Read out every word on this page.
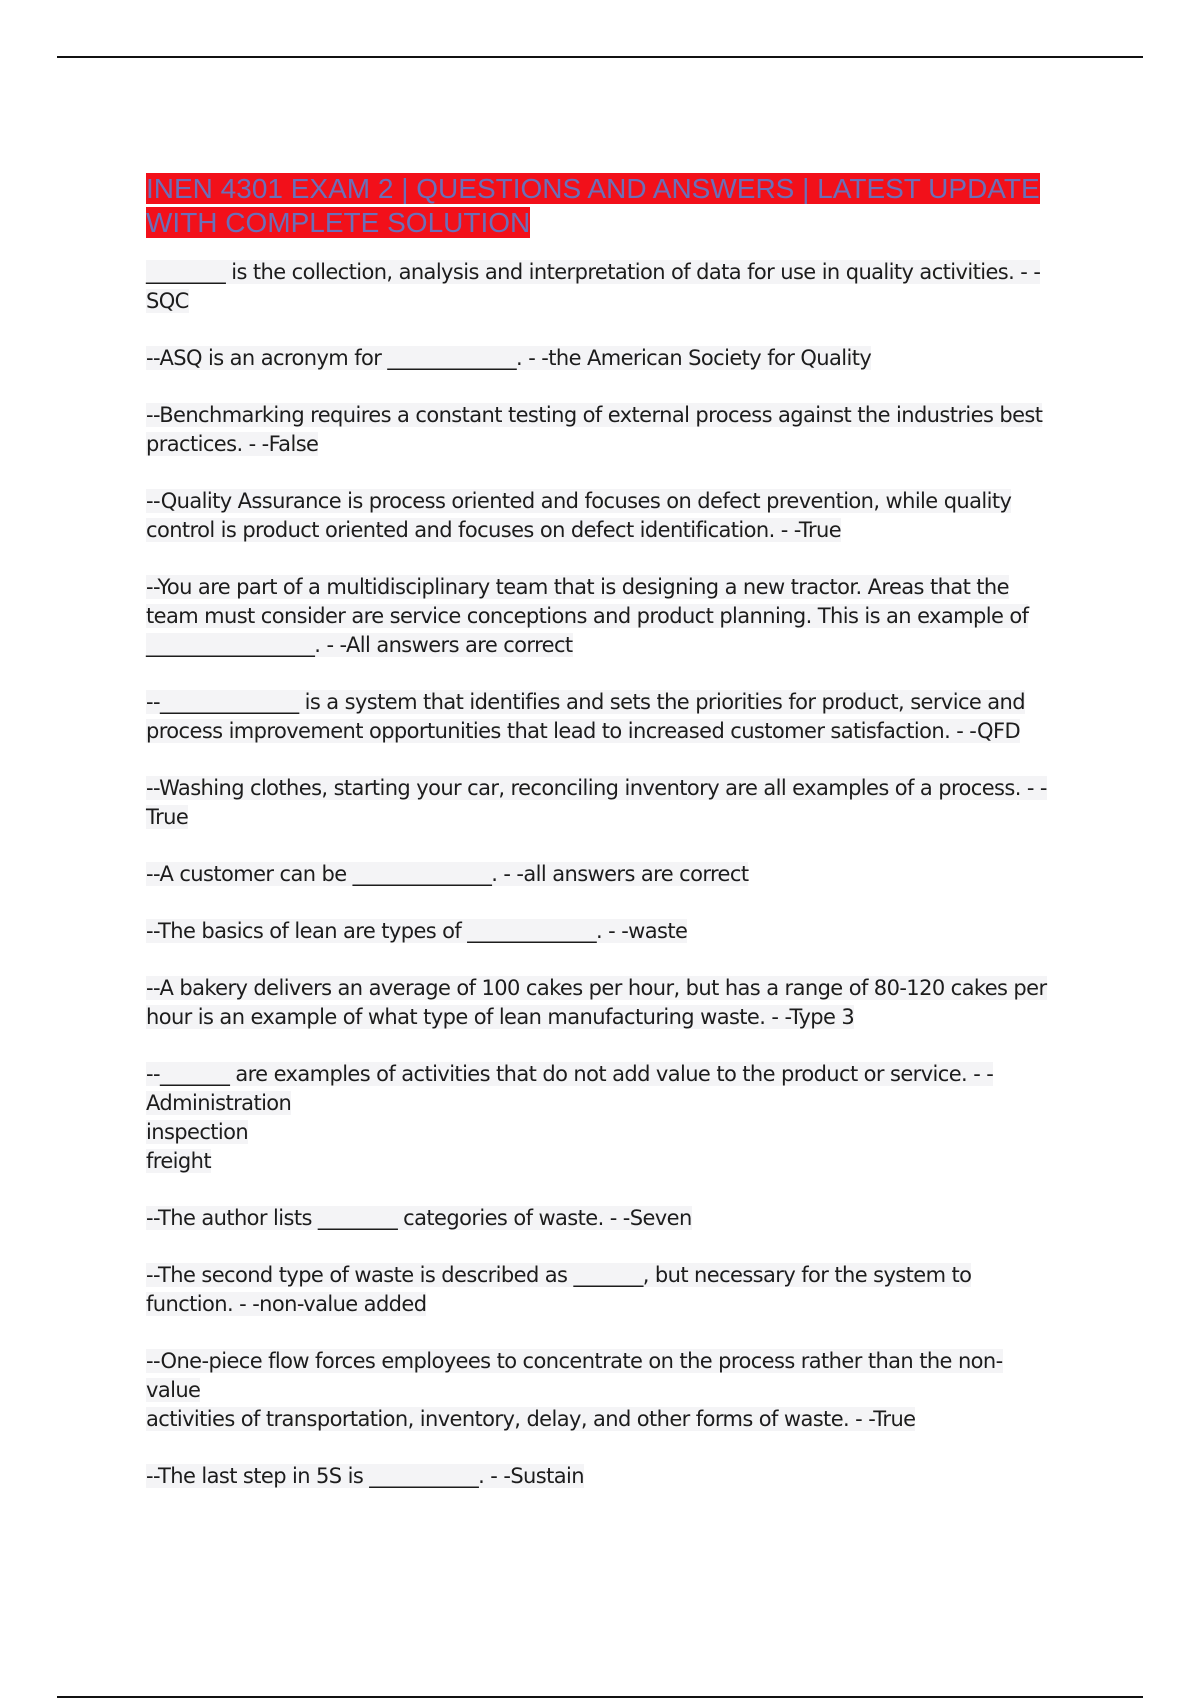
INEN 4301 EXAM 2 | QUESTIONS AND ANSWERS | LATEST UPDATE WITH COMPLETE SOLUTION

________ is the collection, analysis and interpretation of data for use in quality activities. - -
SQC

--ASQ is an acronym for _____________. - -the American Society for Quality

--Benchmarking requires a constant testing of external process against the industries best
practices. - -False

--Quality Assurance is process oriented and focuses on defect prevention, while quality
control is product oriented and focuses on defect identification. - -True

--You are part of a multidisciplinary team that is designing a new tractor. Areas that the
team must consider are service conceptions and product planning. This is an example of
_________________. - -All answers are correct

--______________ is a system that identifies and sets the priorities for product, service and
process improvement opportunities that lead to increased customer satisfaction. - -QFD

--Washing clothes, starting your car, reconciling inventory are all examples of a process. - -
True

--A customer can be ______________. - -all answers are correct

--The basics of lean are types of _____________. - -waste

--A bakery delivers an average of 100 cakes per hour, but has a range of 80-120 cakes per
hour is an example of what type of lean manufacturing waste. - -Type 3

--_______ are examples of activities that do not add value to the product or service. - -
Administration
inspection
freight

--The author lists ________ categories of waste. - -Seven

--The second type of waste is described as _______, but necessary for the system to
function. - -non-value added

--One-piece flow forces employees to concentrate on the process rather than the non-value
activities of transportation, inventory, delay, and other forms of waste. - -True

--The last step in 5S is ___________. - -Sustain
